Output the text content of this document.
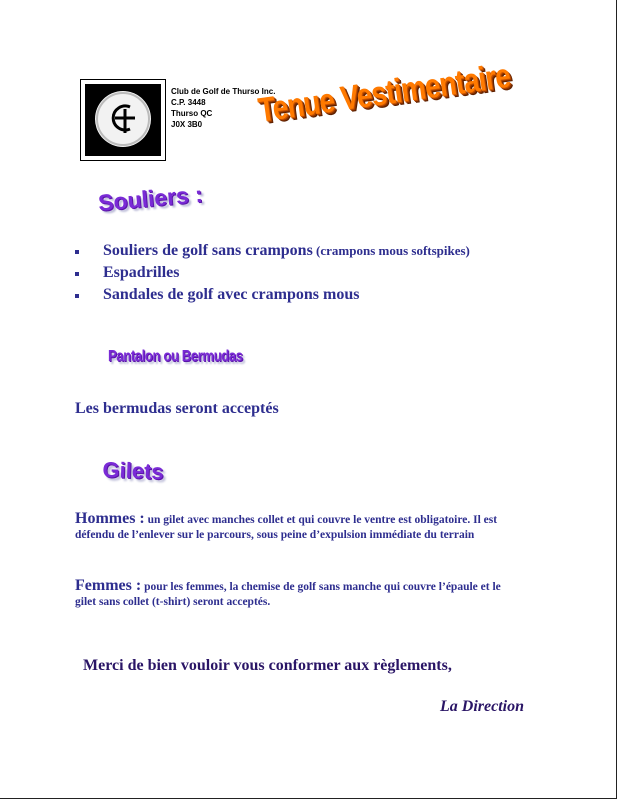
Club de Golf de Thurso Inc.
C.P. 3448
Thurso QC
J0X 3B0	Tenue Vestimentaire
Souliers :
Souliers de golf sans crampons (crampons mous softspikes)
Espadrilles
Sandales de golf avec crampons mous
Pantalon ou Bermudas
Les bermudas seront acceptés
Gilets
Hommes : un gilet avec manches collet et qui couvre le ventre est obligatoire. Il est défendu de l’enlever sur le parcours, sous peine d’expulsion immédiate du terrain
Femmes : pour les femmes, la chemise de golf sans manche qui couvre l’épaule et le gilet sans collet (t-shirt) seront acceptés.
Merci de bien vouloir vous conformer aux règlements,
La Direction
